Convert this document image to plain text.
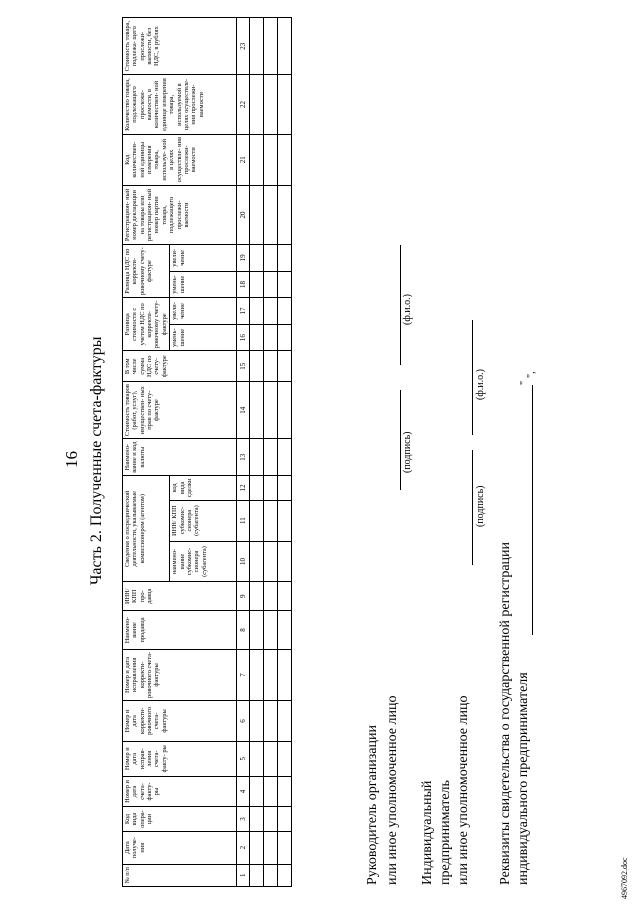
16 Часть 2. Полученные счета-фактуры
№ п/п	Дата получе- ния	Код вида опера- ции	Номер и дата счета- факту- ры	Номер и дата исправ- ления счета- факту- ры	Номер и дата корректи- ровочного счета- фактуры	Номер и дата исправления корректи- ровочного счета- фактуры	Наимено- вание продавца	ИНН/ КПП про- давца	Сведения о посреднической деятельности, указываемые комиссионером (агентом)			Наимено- вание и код валюты	Стоимость товаров (работ, услуг), имуществен- ных прав по счету-фактуре	В том числе сумма НДС по счету- фактуре	Разница стоимости с учетом НДС по корректи- ровочному счету-фактуре		Разница НДС по корректи- ровочному счету-фактуре		Регистрацион- ный номер декларации на товары или регистрацион- ный номер партии товара, подлежащего прослежи- ваемости	Код количествен- ной единицы измерения товара, используе- мой в целях осуществле- ния прослежи- ваемости	Количество товара, подлежащего прослежи- ваемости, в количествен- ной единице измерения товара, используемой в целях осуществле- ния прослежи- ваемости	Стоимость товара, подлежа- щего прослежи- ваемости, без НДС, в рублях
									наимено- вание субкомис- сионера (субагента)	ИНН/ КПП субкомис- сионера (субагента)	код вида сделки				умень- шение	увели- чение	умень- шение	увели- чение				
1	2	3	4	5	6	7	8	9	10	11	12	13	14	15	16	17	18	19	20	21	22	23

Руководитель организации или иное уполномоченное лицо
(подпись)
(ф.и.о.)
Индивидуальный предприниматель или иное уполномоченное лицо
(подпись)
(ф.и.о.)
Реквизиты свидетельства о государственной регистрации индивидуального предпринимателя
"
",
4967092.doc
